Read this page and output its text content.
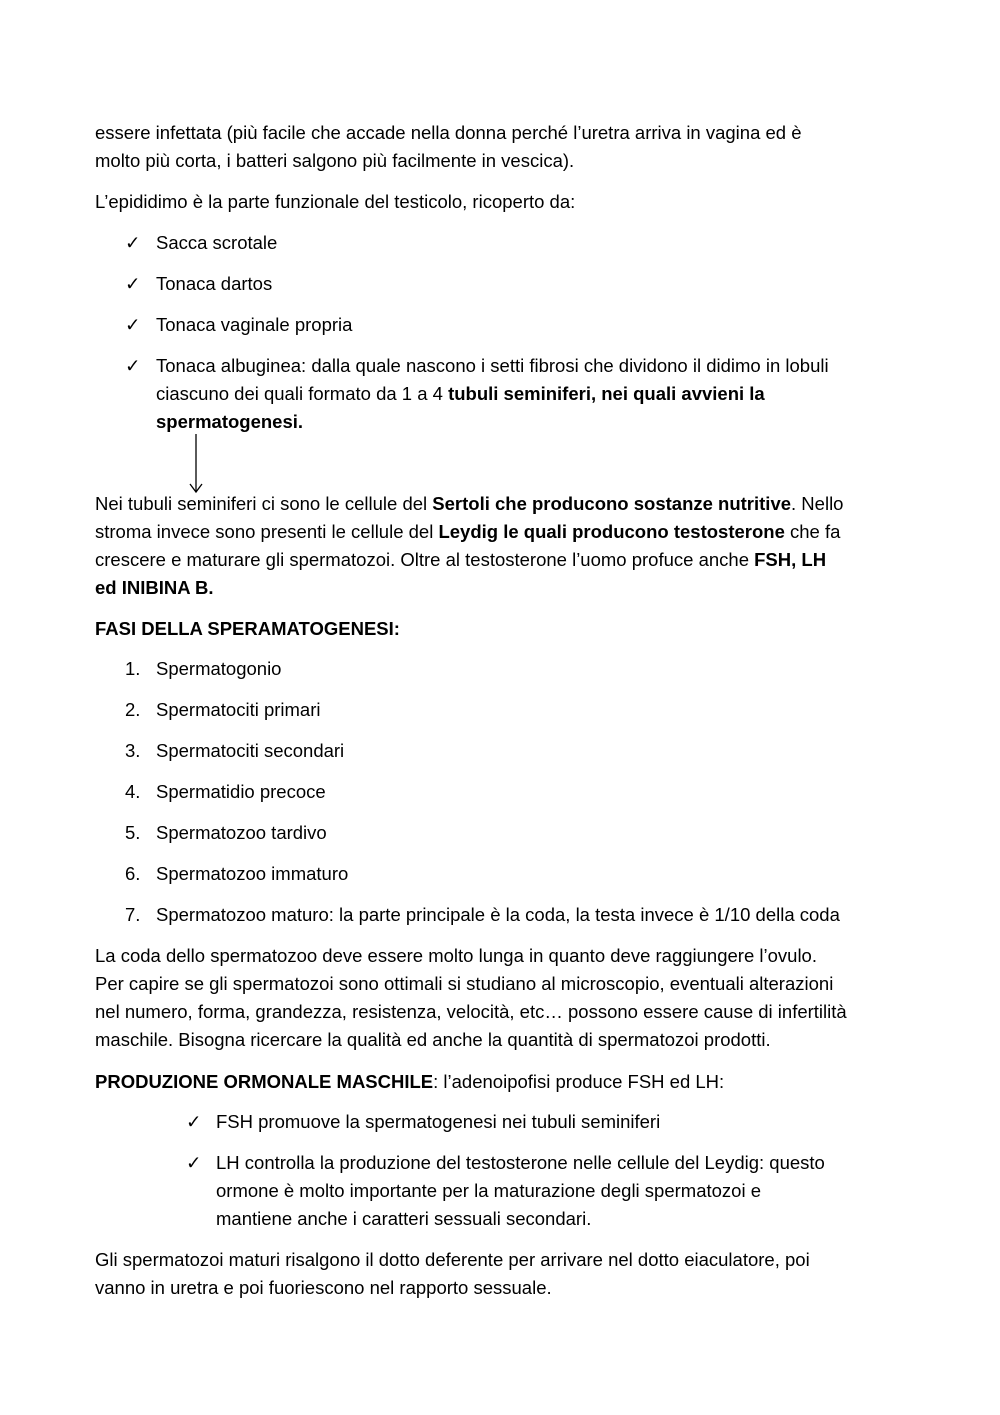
essere infettata (più facile che accade nella donna perché l’uretra arriva in vagina ed è
molto più corta, i batteri salgono più facilmente in vescica).
L’epididimo è la parte funzionale del testicolo, ricoperto da:
✓ Sacca scrotale
✓ Tonaca dartos
✓ Tonaca vaginale propria
✓ Tonaca albuginea: dalla quale nascono i setti fibrosi che dividono il didimo in lobuli
ciascuno dei quali formato da 1 a 4 tubuli seminiferi, nei quali avvieni la
spermatogenesi.
Nei tubuli seminiferi ci sono le cellule del Sertoli che producono sostanze nutritive. Nello
stroma invece sono presenti le cellule del Leydig le quali producono testosterone che fa
crescere e maturare gli spermatozoi. Oltre al testosterone l’uomo profuce anche FSH, LH
ed INIBINA B.
FASI DELLA SPERAMATOGENESI:
1. Spermatogonio
2. Spermatociti primari
3. Spermatociti secondari
4. Spermatidio precoce
5. Spermatozoo tardivo
6. Spermatozoo immaturo
7. Spermatozoo maturo: la parte principale è la coda, la testa invece è 1/10 della coda
La coda dello spermatozoo deve essere molto lunga in quanto deve raggiungere l’ovulo.
Per capire se gli spermatozoi sono ottimali si studiano al microscopio, eventuali alterazioni
nel numero, forma, grandezza, resistenza, velocità, etc… possono essere cause di infertilità
maschile. Bisogna ricercare la qualità ed anche la quantità di spermatozoi prodotti.
PRODUZIONE ORMONALE MASCHILE: l’adenoipofisi produce FSH ed LH:
✓ FSH promuove la spermatogenesi nei tubuli seminiferi
✓ LH controlla la produzione del testosterone nelle cellule del Leydig: questo
ormone è molto importante per la maturazione degli spermatozoi e
mantiene anche i caratteri sessuali secondari.
Gli spermatozoi maturi risalgono il dotto deferente per arrivare nel dotto eiaculatore, poi
vanno in uretra e poi fuoriescono nel rapporto sessuale.
